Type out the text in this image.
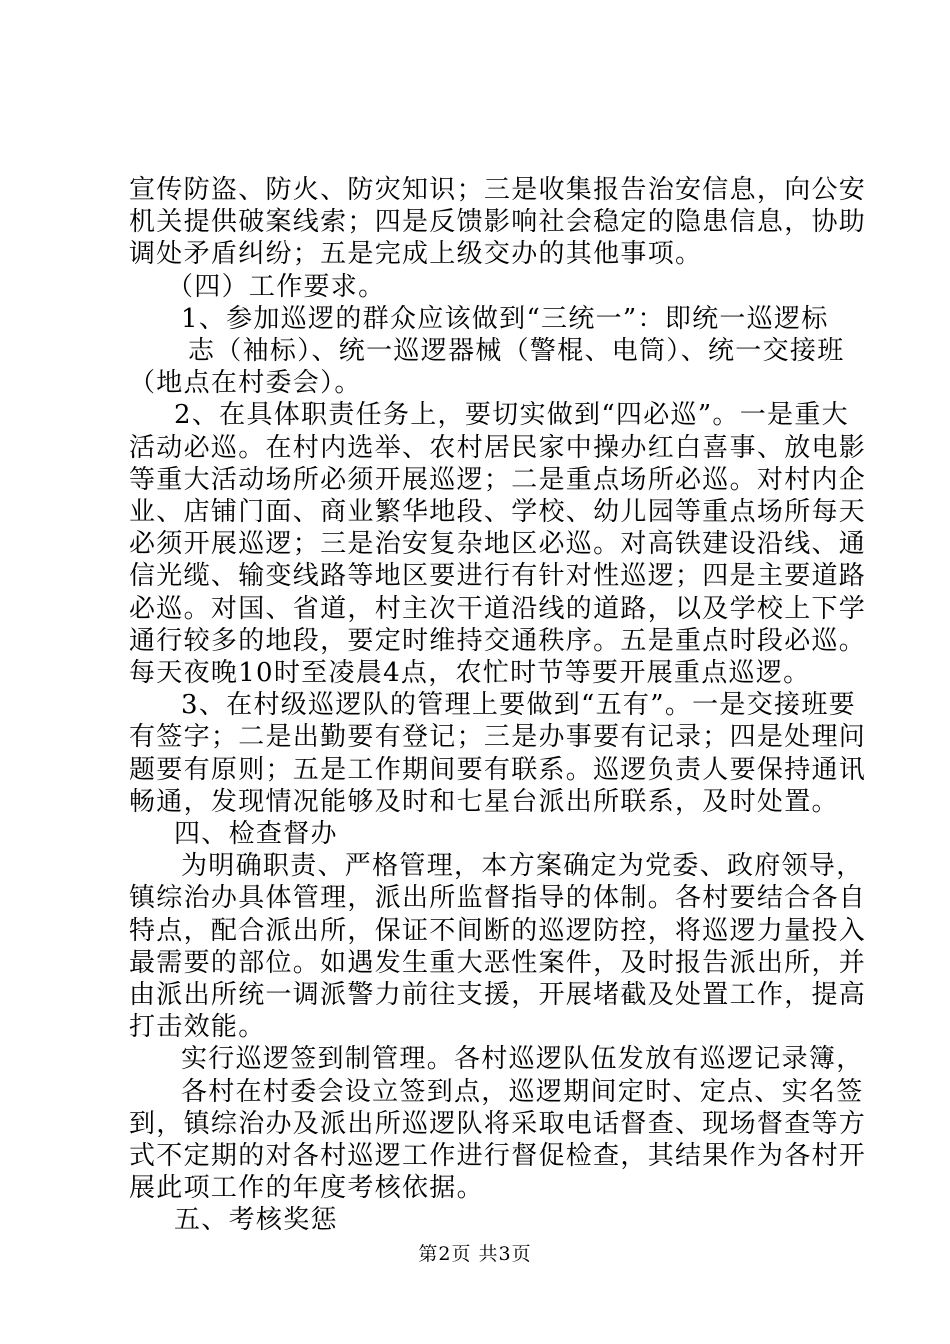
宣传防盗、防火、防灾知识；三是收集报告治安信息，向公安
机关提供破案线索；四是反馈影响社会稳定的隐患信息，协助
调处矛盾纠纷；五是完成上级交办的其他事项。
（四）工作要求。
1、参加巡逻的群众应该做到“三统一”：即统一巡逻标
志（袖标）、统一巡逻器械（警棍、电筒）、统一交接班
（地点在村委会）。
2、在具体职责任务上，要切实做到“四必巡”。一是重大
活动必巡。在村内选举、农村居民家中操办红白喜事、放电影
等重大活动场所必须开展巡逻；二是重点场所必巡。对村内企
业、店铺门面、商业繁华地段、学校、幼儿园等重点场所每天
必须开展巡逻；三是治安复杂地区必巡。对高铁建设沿线、通
信光缆、输变线路等地区要进行有针对性巡逻；四是主要道路
必巡。对国、省道，村主次干道沿线的道路，以及学校上下学
通行较多的地段，要定时维持交通秩序。五是重点时段必巡。
每天夜晚10时至凌晨4点，农忙时节等要开展重点巡逻。
3、在村级巡逻队的管理上要做到“五有”。一是交接班要
有签字；二是出勤要有登记；三是办事要有记录；四是处理问
题要有原则；五是工作期间要有联系。巡逻负责人要保持通讯
畅通，发现情况能够及时和七星台派出所联系，及时处置。
四、检查督办
为明确职责、严格管理，本方案确定为党委、政府领导，
镇综治办具体管理，派出所监督指导的体制。各村要结合各自
特点，配合派出所，保证不间断的巡逻防控，将巡逻力量投入
最需要的部位。如遇发生重大恶性案件，及时报告派出所，并
由派出所统一调派警力前往支援，开展堵截及处置工作，提高
打击效能。
实行巡逻签到制管理。各村巡逻队伍发放有巡逻记录簿，
各村在村委会设立签到点，巡逻期间定时、定点、实名签
到，镇综治办及派出所巡逻队将采取电话督查、现场督查等方
式不定期的对各村巡逻工作进行督促检查，其结果作为各村开
展此项工作的年度考核依据。
五、考核奖惩
第2页 共3页
